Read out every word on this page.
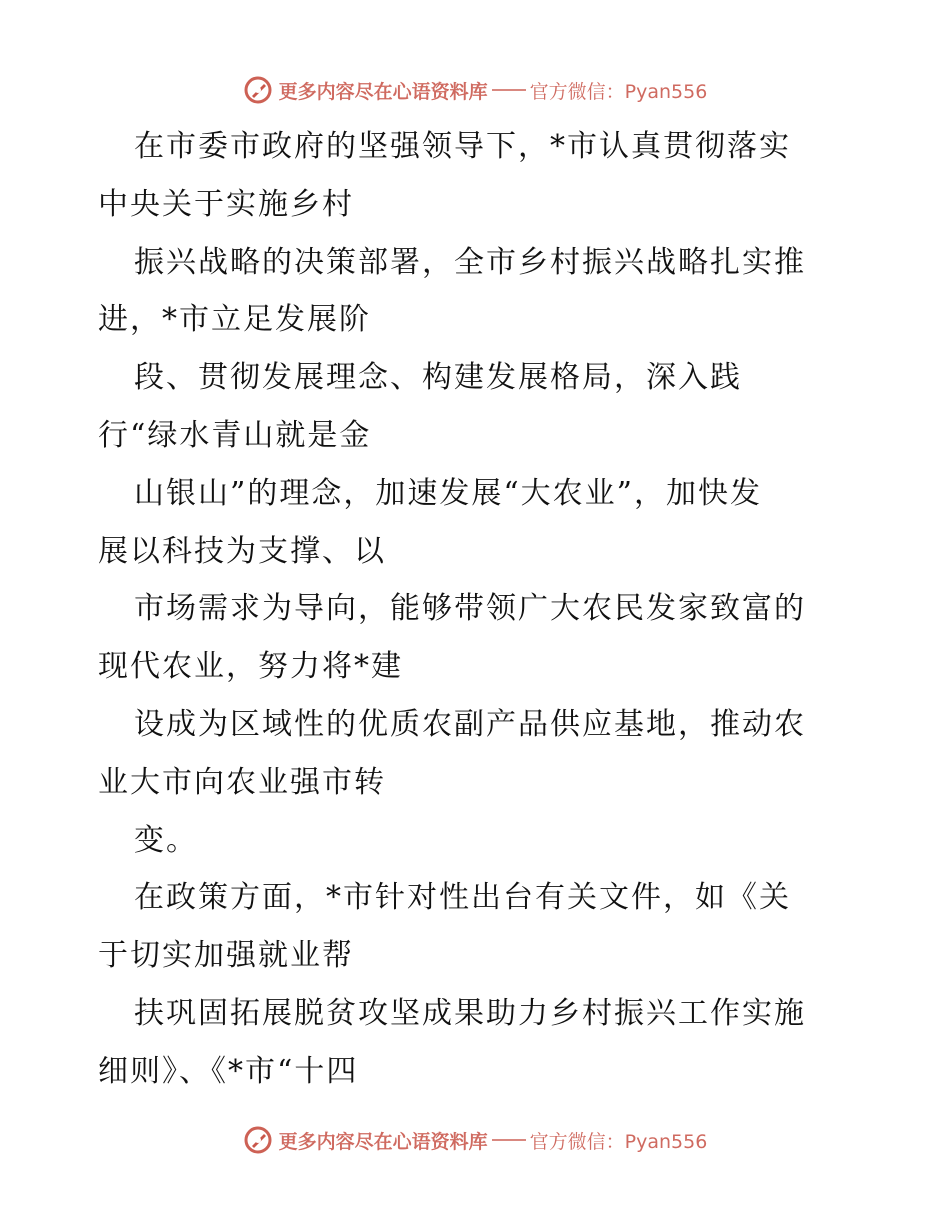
更多内容尽在心语资料库 官方微信：Pyan556
在市委市政府的坚强领导下，*市认真贯彻落实
中央关于实施乡村
振兴战略的决策部署，全市乡村振兴战略扎实推
进，*市立足发展阶
段、贯彻发展理念、构建发展格局，深入践
行“绿水青山就是金
山银山”的理念，加速发展“大农业”，加快发
展以科技为支撑、以
市场需求为导向，能够带领广大农民发家致富的
现代农业，努力将*建
设成为区域性的优质农副产品供应基地，推动农
业大市向农业强市转
变。
在政策方面，*市针对性出台有关文件，如《关
于切实加强就业帮
扶巩固拓展脱贫攻坚成果助力乡村振兴工作实施
细则》、《*市“十四
更多内容尽在心语资料库 官方微信：Pyan556
